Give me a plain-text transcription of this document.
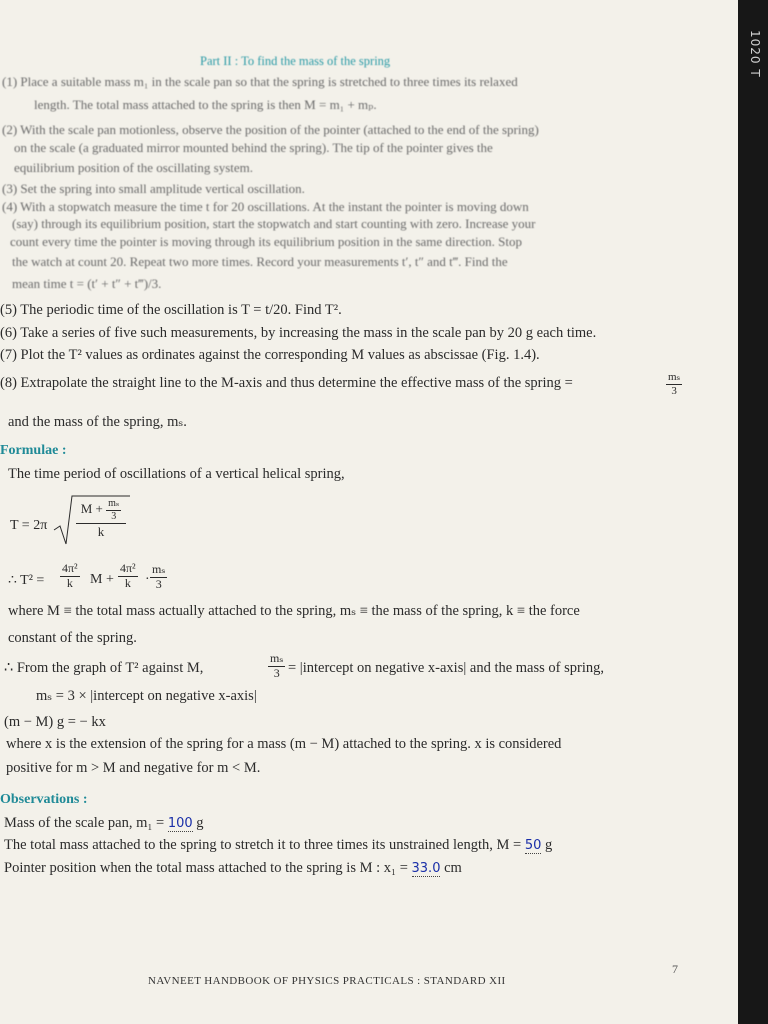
Part II : To find the mass of the spring
(1) Place a suitable mass m₁ in the scale pan so that the spring is stretched to three times its relaxed
length. The total mass attached to the spring is then M = m₁ + mₚ.
(2) With the scale pan motionless, observe the position of the pointer (attached to the end of the spring)
on the scale (a graduated mirror mounted behind the spring). The tip of the pointer gives the
equilibrium position of the oscillating system.
(3) Set the spring into small amplitude vertical oscillation.
(4) With a stopwatch measure the time t for 20 oscillations. At the instant the pointer is moving down
(say) through its equilibrium position, start the stopwatch and start counting with zero. Increase your
count every time the pointer is moving through its equilibrium position in the same direction. Stop
the watch at count 20. Repeat two more times. Record your measurements t′, t″ and t‴. Find the
mean time t = (t′ + t″ + t‴)/3.
(5) The periodic time of the oscillation is T = t/20. Find T².
(6) Take a series of five such measurements, by increasing the mass in the scale pan by 20 g each time.
(7) Plot the T² values as ordinates against the corresponding M values as abscissae (Fig. 1.4).
(8) Extrapolate the straight line to the M-axis and thus determine the effective mass of the spring =	$\frac{\text{mₛ}}{3}$
and the mass of the spring, mₛ.
Formulae :
The time period of oscillations of a vertical helical spring,
$T = 2\pi \frac{M + \frac{\text{mₛ}}{3}}{k}$
∴ $T^2 = \frac{\text{4π²}}{k}$ $M + \frac{\text{4π²}}{k} \cdot \frac{\text{mₛ}}{3}$
where M ≡ the total mass actually attached to the spring, mₛ ≡ the mass of the spring, k ≡ the force
constant of the spring.
∴ From the graph of T² against M,	$\frac{\text{mₛ}}{3}$ = |intercept on negative x-axis| and the mass of spring,
mₛ = 3 × |intercept on negative x-axis|
(m − M) g = − kx
where x is the extension of the spring for a mass (m − M) attached to the spring. x is considered
positive for m > M and negative for m < M.
Observations :
Mass of the scale pan, m₁ = 100 g
The total mass attached to the spring to stretch it to three times its unstrained length, M = 50 g
Pointer position when the total mass attached to the spring is M : x₁ = 33.0 cm
7
NAVNEET HANDBOOK OF PHYSICS PRACTICALS : STANDARD XII
1020 T
